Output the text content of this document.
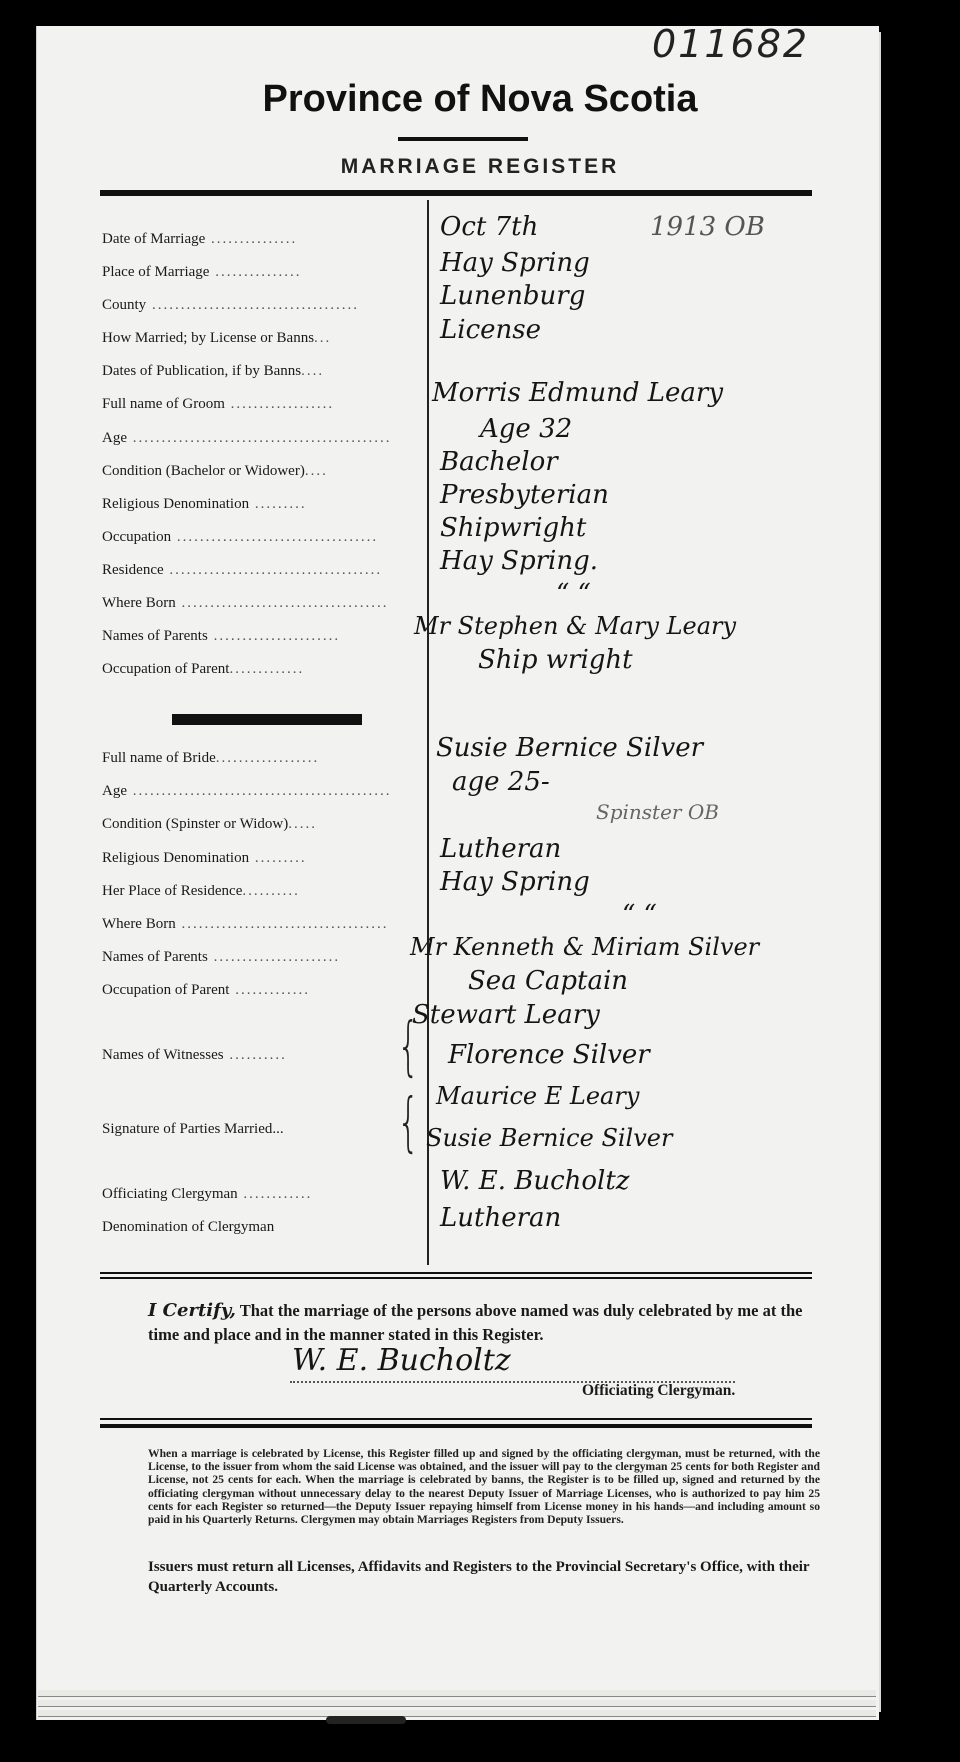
011682
Province of Nova Scotia
MARRIAGE REGISTER
Date of Marriage ...............	Oct 7th	1913 OB
Place of Marriage ...............	Hay Spring
County ....................................	Lunenburg
How Married; by License or Banns...	License
Dates of Publication, if by Banns....
Full name of Groom ..................	Morris Edmund Leary
Age .............................................	Age 32
Condition (Bachelor or Widower)....	Bachelor
Religious Denomination .........	Presbyterian
Occupation ................................... Shipwright
Residence ..................................... Hay Spring.
Where Born ....................................	“ “
Names of Parents ......................	Mr Stephen & Mary Leary
Occupation of Parent.............	Ship wright
Full name of Bride..................	Susie Bernice Silver
Age ............................................. age 25-
Condition (Spinster or Widow).....	Spinster OB
Religious Denomination .........	Lutheran
Her Place of Residence..........	Hay Spring
Where Born ....................................	“ “
Names of Parents ......................	Mr Kenneth & Miriam Silver
Occupation of Parent .............	Sea Captain
Names of Witnesses .......... {
Stewart Leary
Florence Silver
Signature of Parties Married... { Maurice E Leary
Susie Bernice Silver
Officiating Clergyman ............	W. E. Bucholtz
Denomination of Clergyman	Lutheran
I Certify, That the marriage of the persons above named was duly celebrated by me at the time and place and in the manner stated in this Register.
W. E. Bucholtz
Officiating Clergyman.
When a marriage is celebrated by License, this Register filled up and signed by the officiating clergyman, must be returned, with the License, to the issuer from whom the said License was obtained, and the issuer will pay to the clergyman 25 cents for both Register and License, not 25 cents for each. When the marriage is celebrated by banns, the Register is to be filled up, signed and returned by the officiating clergyman without unnecessary delay to the nearest Deputy Issuer of Marriage Licenses, who is authorized to pay him 25 cents for each Register so returned—the Deputy Issuer repaying himself from License money in his hands—and including amount so paid in his Quarterly Returns. Clergymen may obtain Marriages Registers from Deputy Issuers.
Issuers must return all Licenses, Affidavits and Registers to the Provincial Secretary's Office, with their Quarterly Accounts.
